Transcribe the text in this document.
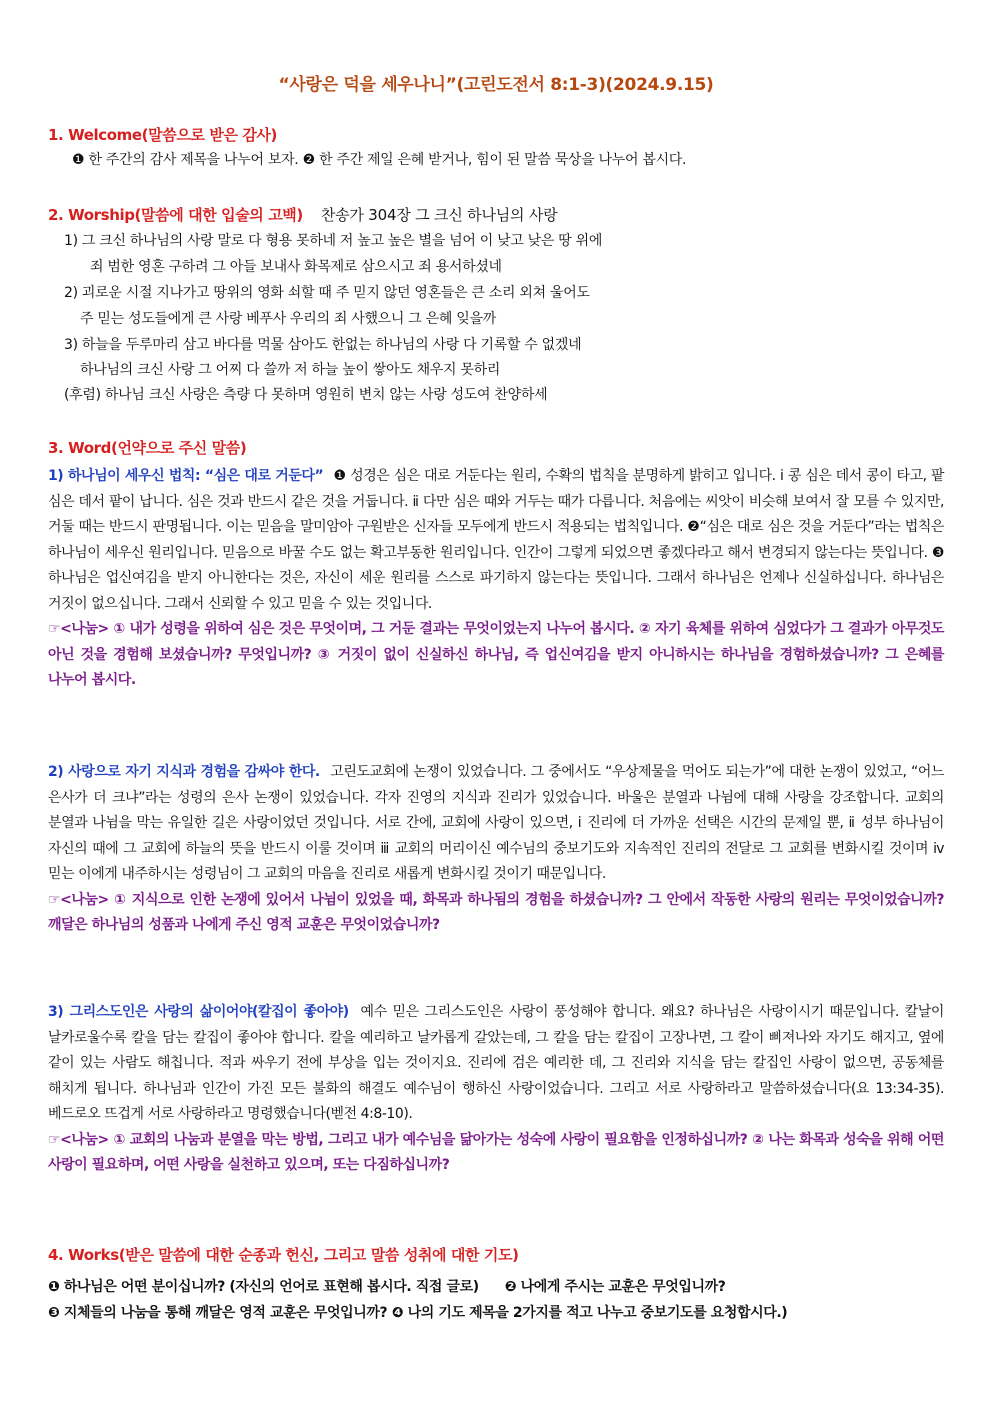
“사랑은 덕을 세우나니”(고린도전서 8:1-3)(2024.9.15)
1. Welcome(말씀으로 받은 감사)
❶ 한 주간의 감사 제목을 나누어 보자. ❷ 한 주간 제일 은혜 받거나, 힘이 된 말씀 묵상을 나누어 봅시다.
2. Worship(말씀에 대한 입술의 고백) 찬송가 304장 그 크신 하나님의 사랑
1) 그 크신 하나님의 사랑 말로 다 형용 못하네 저 높고 높은 별을 넘어 이 낮고 낮은 땅 위에
죄 범한 영혼 구하려 그 아들 보내사 화목제로 삼으시고 죄 용서하셨네
2) 괴로운 시절 지나가고 땅위의 영화 쇠할 때 주 믿지 않던 영혼들은 큰 소리 외쳐 울어도
주 믿는 성도들에게 큰 사랑 베푸사 우리의 죄 사했으니 그 은혜 잊을까
3) 하늘을 두루마리 삼고 바다를 먹물 삼아도 한없는 하나님의 사랑 다 기록할 수 없겠네
하나님의 크신 사랑 그 어찌 다 쓸까 저 하늘 높이 쌓아도 채우지 못하리
(후렴) 하나님 크신 사랑은 측량 다 못하며 영원히 변치 않는 사랑 성도여 찬양하세
3. Word(언약으로 주신 말씀)
1) 하나님이 세우신 법칙: “심은 대로 거둔다” ❶ 성경은 심은 대로 거둔다는 원리, 수확의 법칙을 분명하게 밝히고 입니다. ⅰ 콩 심은 데서 콩이 타고, 팥 심은 데서 팥이 납니다. 심은 것과 반드시 같은 것을 거둡니다. ⅱ 다만 심은 때와 거두는 때가 다릅니다. 처음에는 씨앗이 비슷해 보여서 잘 모를 수 있지만, 거둘 때는 반드시 판명됩니다. 이는 믿음을 말미암아 구원받은 신자들 모두에게 반드시 적용되는 법칙입니다. ❷“심은 대로 심은 것을 거둔다”라는 법칙은 하나님이 세우신 원리입니다. 믿음으로 바꿀 수도 없는 확고부동한 원리입니다. 인간이 그렇게 되었으면 좋겠다라고 해서 변경되지 않는다는 뜻입니다. ❸ 하나님은 업신여김을 받지 아니한다는 것은, 자신이 세운 원리를 스스로 파기하지 않는다는 뜻입니다. 그래서 하나님은 언제나 신실하십니다. 하나님은 거짓이 없으십니다. 그래서 신뢰할 수 있고 믿을 수 있는 것입니다.
☞<나눔> ① 내가 성령을 위하여 심은 것은 무엇이며, 그 거둔 결과는 무엇이었는지 나누어 봅시다. ② 자기 육체를 위하여 심었다가 그 결과가 아무것도 아닌 것을 경험해 보셨습니까? 무엇입니까? ③ 거짓이 없이 신실하신 하나님, 즉 업신여김을 받지 아니하시는 하나님을 경험하셨습니까? 그 은혜를 나누어 봅시다.
2) 사랑으로 자기 지식과 경험을 감싸야 한다. 고린도교회에 논쟁이 있었습니다. 그 중에서도 “우상제물을 먹어도 되는가”에 대한 논쟁이 있었고, “어느 은사가 더 크냐”라는 성령의 은사 논쟁이 있었습니다. 각자 진영의 지식과 진리가 있었습니다. 바울은 분열과 나뉨에 대해 사랑을 강조합니다. 교회의 분열과 나뉨을 막는 유일한 길은 사랑이었던 것입니다. 서로 간에, 교회에 사랑이 있으면, ⅰ 진리에 더 가까운 선택은 시간의 문제일 뿐, ⅱ 성부 하나님이 자신의 때에 그 교회에 하늘의 뜻을 반드시 이룰 것이며 ⅲ 교회의 머리이신 예수님의 중보기도와 지속적인 진리의 전달로 그 교회를 변화시킬 것이며 ⅳ 믿는 이에게 내주하시는 성령님이 그 교회의 마음을 진리로 새롭게 변화시킬 것이기 때문입니다.
☞<나눔> ① 지식으로 인한 논쟁에 있어서 나뉨이 있었을 때, 화목과 하나됨의 경험을 하셨습니까? 그 안에서 작동한 사랑의 원리는 무엇이었습니까? 깨달은 하나님의 성품과 나에게 주신 영적 교훈은 무엇이었습니까?
3) 그리스도인은 사랑의 삶이어야(칼집이 좋아야) 예수 믿은 그리스도인은 사랑이 풍성해야 합니다. 왜요? 하나님은 사랑이시기 때문입니다. 칼날이 날카로울수록 칼을 담는 칼집이 좋아야 합니다. 칼을 예리하고 날카롭게 갈았는데, 그 칼을 담는 칼집이 고장나면, 그 칼이 삐져나와 자기도 해지고, 옆에 같이 있는 사람도 해칩니다. 적과 싸우기 전에 부상을 입는 것이지요. 진리에 검은 예리한 데, 그 진리와 지식을 담는 칼집인 사랑이 없으면, 공동체를 해치게 됩니다. 하나님과 인간이 가진 모든 불화의 해결도 예수님이 행하신 사랑이었습니다. 그리고 서로 사랑하라고 말씀하셨습니다(요 13:34-35). 베드로오 뜨겁게 서로 사랑하라고 명령했습니다(벧전 4:8-10).
☞<나눔> ① 교회의 나눔과 분열을 막는 방법, 그리고 내가 예수님을 닮아가는 성숙에 사랑이 필요함을 인정하십니까? ② 나는 화목과 성숙을 위해 어떤 사랑이 필요하며, 어떤 사랑을 실천하고 있으며, 또는 다짐하십니까?
4. Works(받은 말씀에 대한 순종과 헌신, 그리고 말씀 성취에 대한 기도)
❶ 하나님은 어떤 분이십니까? (자신의 언어로 표현해 봅시다. 직접 글로) ❷ 나에게 주시는 교훈은 무엇입니까?
❸ 지체들의 나눔을 통해 깨달은 영적 교훈은 무엇입니까? ❹ 나의 기도 제목을 2가지를 적고 나누고 중보기도를 요청합시다.)
